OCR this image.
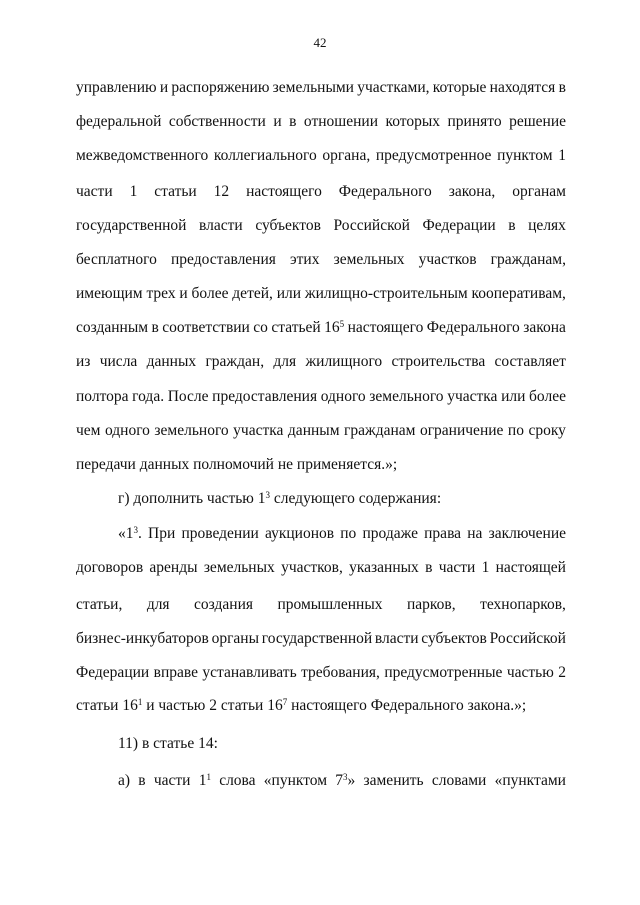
42
управлению и распоряжению земельными участками, которые находятся в
федеральной собственности и в отношении которых принято решение
межведомственного коллегиального органа, предусмотренное пунктом 1
части 1 статьи 12 настоящего Федерального закона, органам
государственной власти субъектов Российской Федерации в целях
бесплатного предоставления этих земельных участков гражданам,
имеющим трех и более детей, или жилищно-строительным кооперативам,
созданным в соответствии со статьей $16^5$ настоящего Федерального закона
из числа данных граждан, для жилищного строительства составляет
полтора года. После предоставления одного земельного участка или более
чем одного земельного участка данным гражданам ограничение по сроку
передачи данных полномочий не применяется.»;
г) дополнить частью $1^3$ следующего содержания:
«$1^3$. При проведении аукционов по продаже права на заключение
договоров аренды земельных участков, указанных в части 1 настоящей
статьи, для создания промышленных парков, технопарков,
бизнес-инкубаторов органы государственной власти субъектов Российской
Федерации вправе устанавливать требования, предусмотренные частью 2
статьи $16^1$ и частью 2 статьи $16^7$ настоящего Федерального закона.»;
11) в статье 14:
а) в части $1^1$ слова «пунктом $7^3$» заменить словами «пунктами
